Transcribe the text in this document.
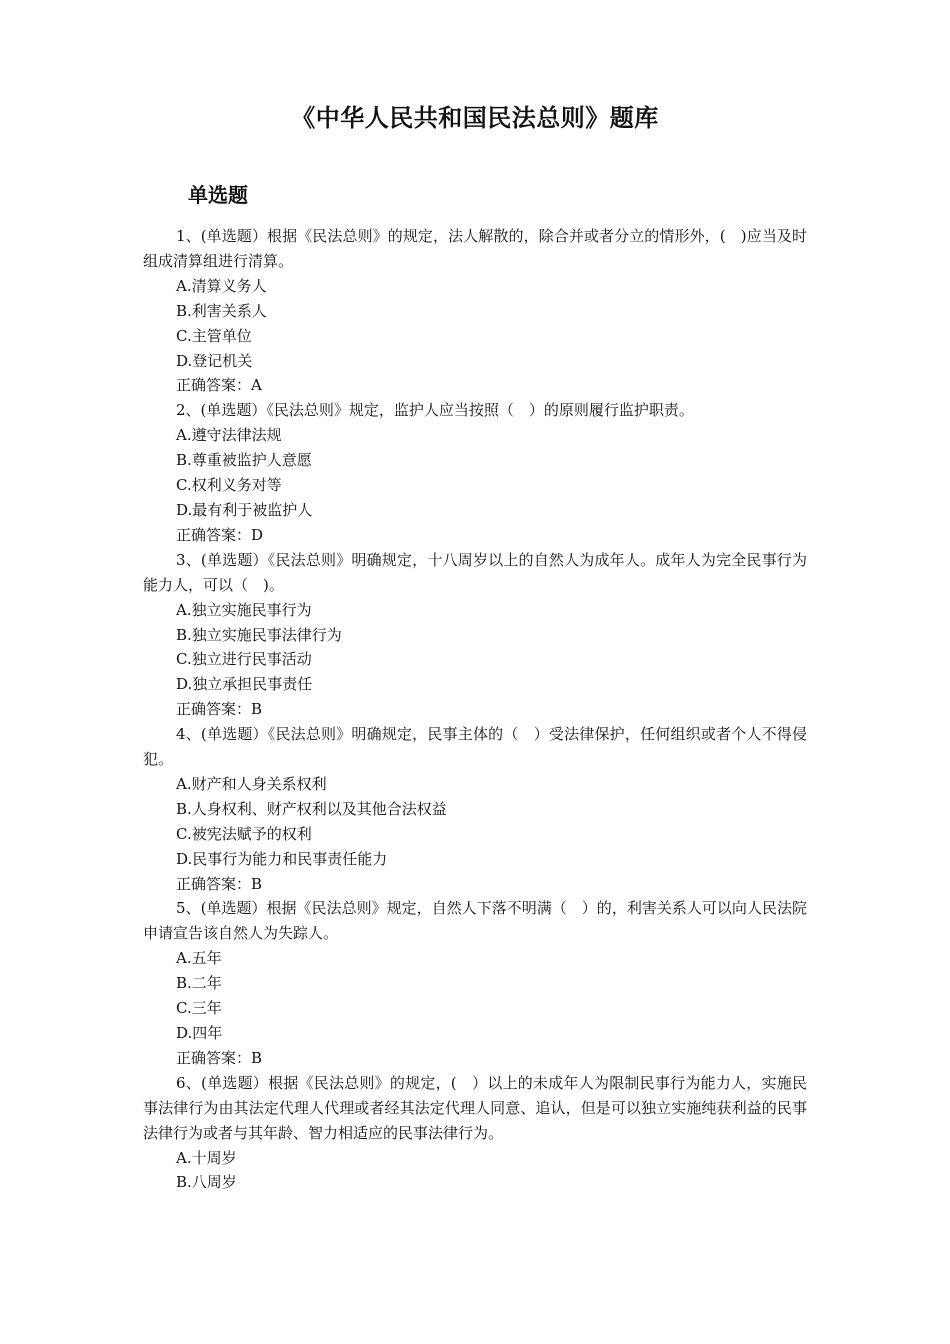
《中华人民共和国民法总则》题库
单选题

1、(单选题）根据《民法总则》的规定，法人解散的，除合并或者分立的情形外，(　)应当及时组成清算组进行清算。

A.清算义务人

B.利害关系人

C.主管单位

D.登记机关

正确答案：A

2、(单选题）《民法总则》规定，监护人应当按照（　）的原则履行监护职责。

A.遵守法律法规

B.尊重被监护人意愿

C.权利义务对等

D.最有利于被监护人

正确答案：D

3、(单选题）《民法总则》明确规定，十八周岁以上的自然人为成年人。成年人为完全民事行为能力人，可以（　)。

A.独立实施民事行为

B.独立实施民事法律行为

C.独立进行民事活动

D.独立承担民事责任

正确答案：B

4、(单选题）《民法总则》明确规定，民事主体的（　）受法律保护，任何组织或者个人不得侵犯。

A.财产和人身关系权利

B.人身权利、财产权利以及其他合法权益

C.被宪法赋予的权利

D.民事行为能力和民事责任能力

正确答案：B

5、(单选题）根据《民法总则》规定，自然人下落不明满（　）的，利害关系人可以向人民法院申请宣告该自然人为失踪人。

A.五年

B.二年

C.三年

D.四年

正确答案：B

6、(单选题）根据《民法总则》的规定，(　）以上的未成年人为限制民事行为能力人，实施民事法律行为由其法定代理人代理或者经其法定代理人同意、追认，但是可以独立实施纯获利益的民事法律行为或者与其年龄、智力相适应的民事法律行为。

A.十周岁

B.八周岁
